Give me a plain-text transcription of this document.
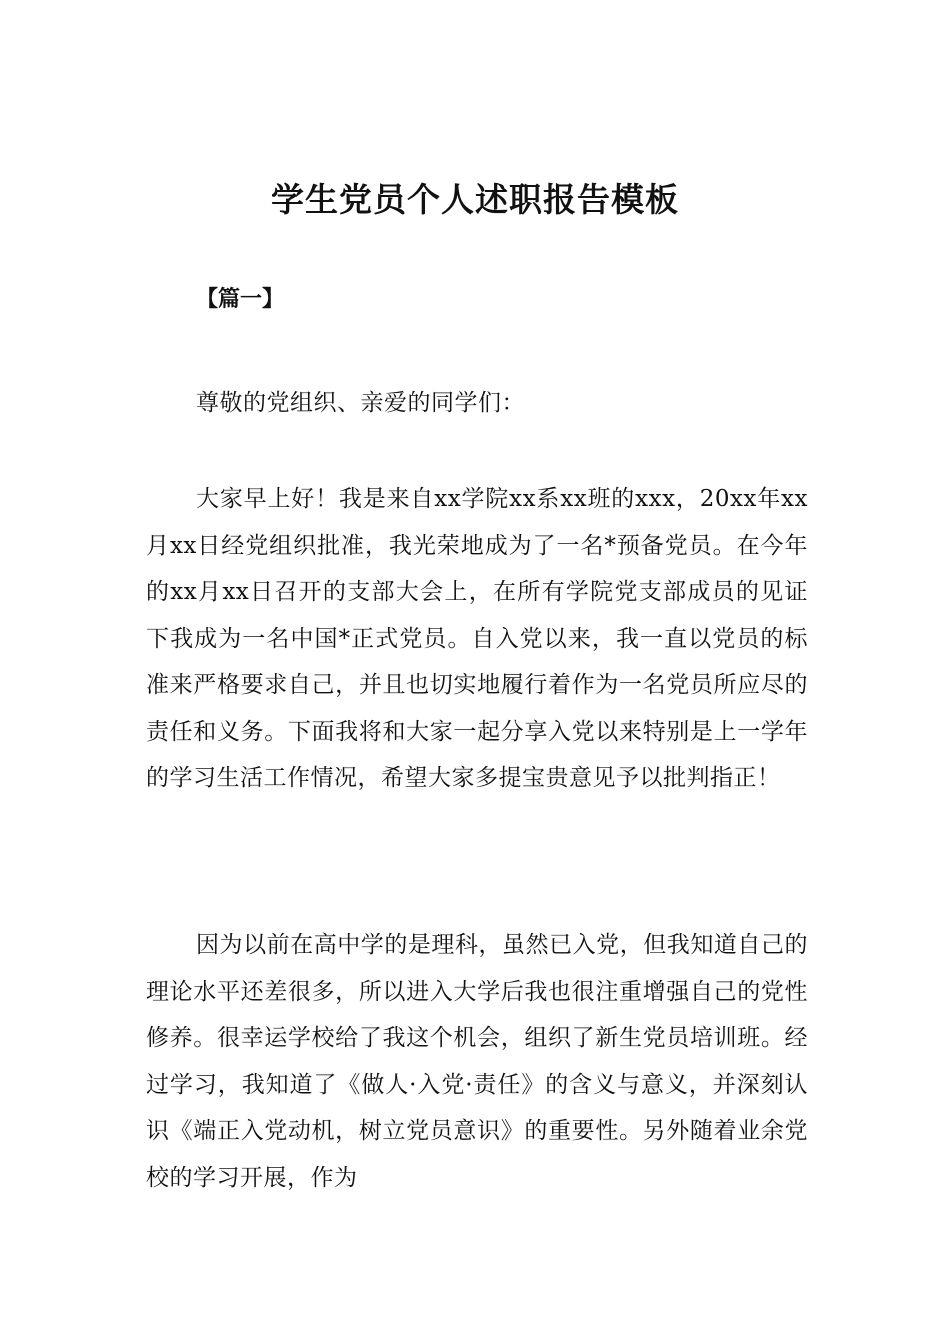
学生党员个人述职报告模板
【篇一】

尊敬的党组织、亲爱的同学们：

大家早上好！我是来自xx学院xx系xx班的xxx，20xx年xx月xx日经党组织批准，我光荣地成为了一名*预备党员。在今年的xx月xx日召开的支部大会上，在所有学院党支部成员的见证下我成为一名中国*正式党员。自入党以来，我一直以党员的标准来严格要求自己，并且也切实地履行着作为一名党员所应尽的责任和义务。下面我将和大家一起分享入党以来特别是上一学年的学习生活工作情况，希望大家多提宝贵意见予以批判指正！

因为以前在高中学的是理科，虽然已入党，但我知道自己的理论水平还差很多，所以进入大学后我也很注重增强自己的党性修养。很幸运学校给了我这个机会，组织了新生党员培训班。经过学习，我知道了《做人·入党·责任》的含义与意义，并深刻认识《端正入党动机，树立党员意识》的重要性。另外随着业余党校的学习开展，作为
